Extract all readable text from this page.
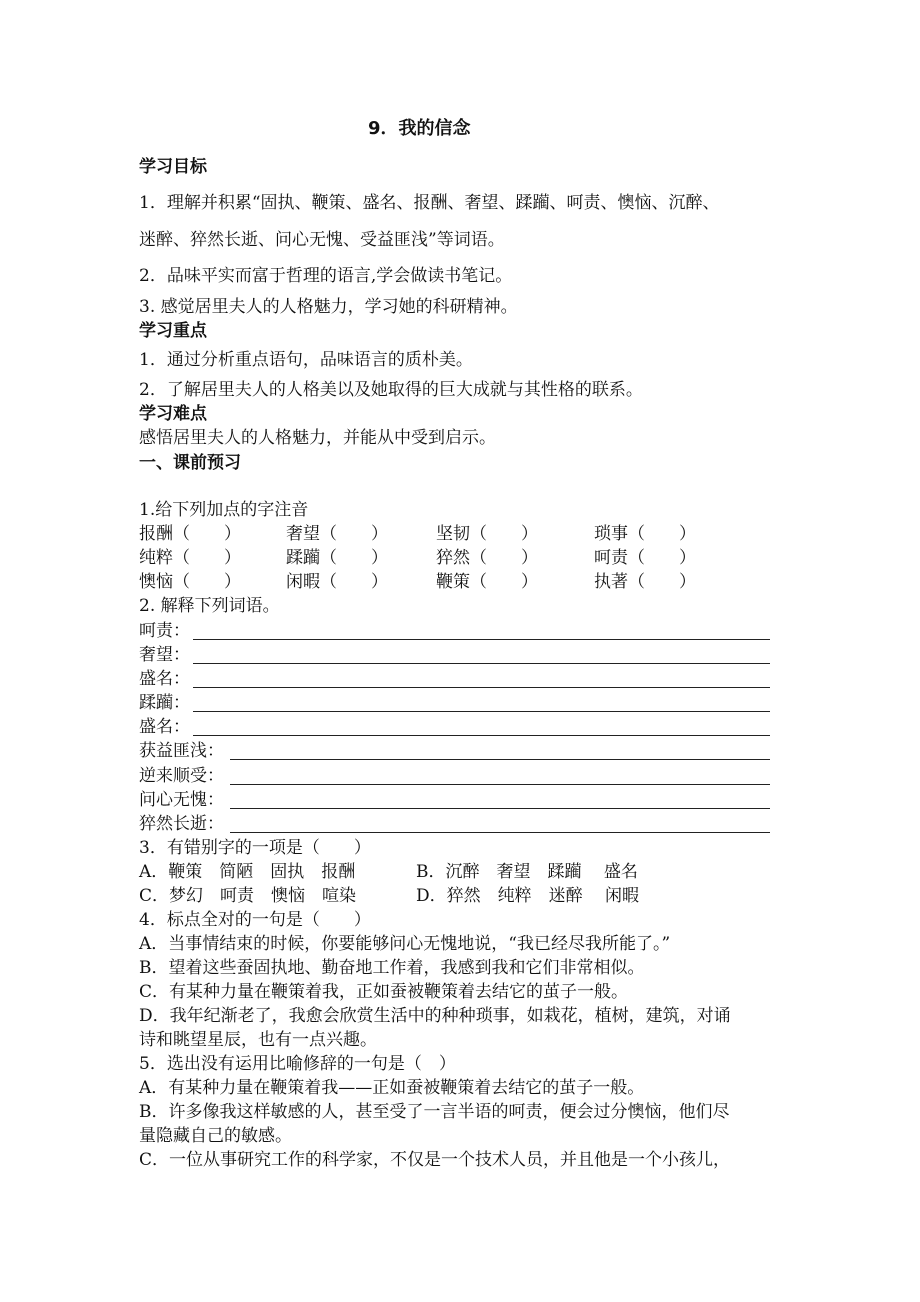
9．我的信念
学习目标
1．理解并积累“固执、鞭策、盛名、报酬、奢望、蹂躏、呵责、懊恼、沉醉、
迷醉、猝然长逝、问心无愧、受益匪浅”等词语。
2．品味平实而富于哲理的语言,学会做读书笔记。
3. 感觉居里夫人的人格魅力，学习她的科研精神。
学习重点
1．通过分析重点语句，品味语言的质朴美。
2．了解居里夫人的人格美以及她取得的巨大成就与其性格的联系。
学习难点
感悟居里夫人的人格魅力，并能从中受到启示。
一、课前预习
1.给下列加点的字注音
报酬（　　）	奢望（　　）	坚韧（　　）	琐事（　　）
纯粹（　　）	蹂躏（　　）	猝然（　　）	呵责（　　）
懊恼（　　）	闲暇（　　）	鞭策（　　）	执著（　　）
2. 解释下列词语。
呵责：
奢望：
盛名：
蹂躏：
盛名：
获益匪浅：
逆来顺受：
问心无愧：
猝然长逝：
3．有错别字的一项是（　　）
A．鞭策　简陋　固执　报酬	B．沉醉　奢望　蹂躏　 盛名
C．梦幻　呵责　懊恼　喧染	D．猝然　纯粹　迷醉　 闲暇
4．标点全对的一句是（　　）
A．当事情结束的时候，你要能够问心无愧地说，“我已经尽我所能了。”
B．望着这些蚕固执地、勤奋地工作着，我感到我和它们非常相似。
C．有某种力量在鞭策着我，正如蚕被鞭策着去结它的茧子一般。
D．我年纪渐老了，我愈会欣赏生活中的种种琐事，如栽花，植树，建筑，对诵
诗和眺望星辰，也有一点兴趣。
5．选出没有运用比喻修辞的一句是（　）
A．有某种力量在鞭策着我——正如蚕被鞭策着去结它的茧子一般。
B．许多像我这样敏感的人，甚至受了一言半语的呵责，便会过分懊恼，他们尽
量隐藏自己的敏感。
C．一位从事研究工作的科学家，不仅是一个技术人员，并且他是一个小孩儿，
